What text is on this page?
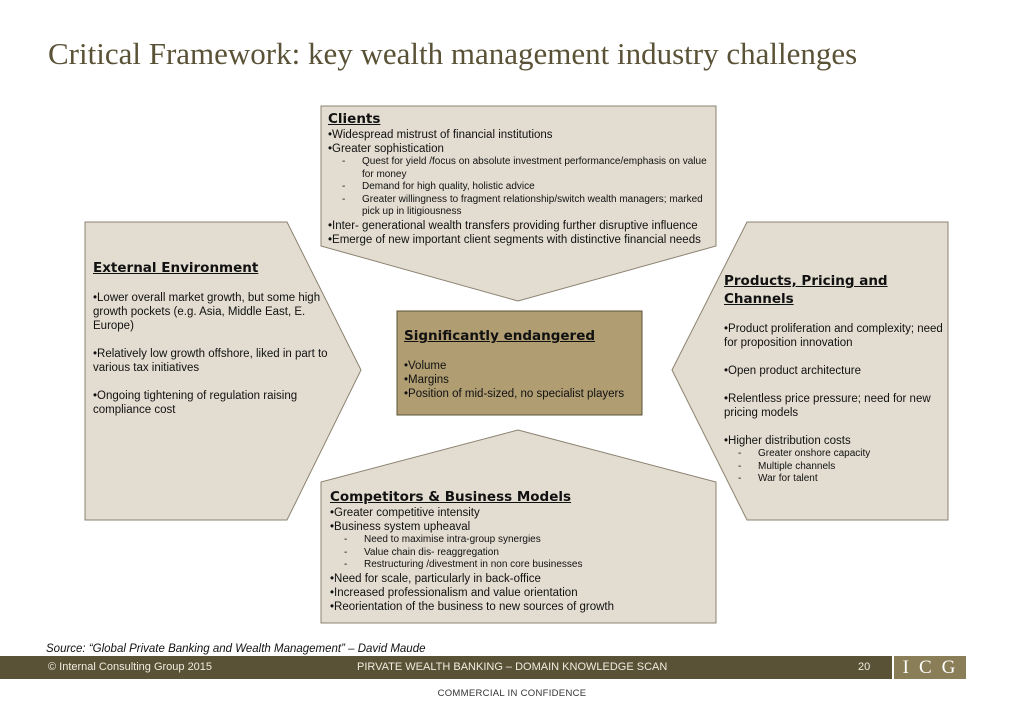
Critical Framework: key wealth management industry challenges
Clients

•Widespread mistrust of financial institutions

•Greater sophistication

- Quest for yield /focus on absolute investment performance/emphasis on value for money
- Demand for high quality, holistic advice
- Greater willingness to fragment relationship/switch wealth managers; marked pick up in litigiousness

•Inter- generational wealth transfers providing further disruptive influence

•Emerge of new important client segments with distinctive financial needs

External Environment

•Lower overall market growth, but some high growth pockets (e.g. Asia, Middle East, E. Europe)

•Relatively low growth offshore, liked in part to various tax initiatives

•Ongoing tightening of regulation raising compliance cost

Significantly endangered

•Volume

•Margins

•Position of mid-sized, no specialist players

Products, Pricing and Channels

•Product proliferation and complexity; need for proposition innovation

•Open product architecture

•Relentless price pressure; need for new pricing models

•Higher distribution costs

- Greater onshore capacity
- Multiple channels
- War for talent
Competitors & Business Models

•Greater competitive intensity

•Business system upheaval

- Need to maximise intra-group synergies
- Value chain dis- reaggregation
- Restructuring /divestment in non core businesses

•Need for scale, particularly in back-office

•Increased professionalism and value orientation

•Reorientation of the business to new sources of growth

Source: “Global Private Banking and Wealth Management” – David Maude
© Internal Consulting Group 2015	PIRVATE WEALTH BANKING – DOMAIN KNOWLEDGE SCAN	20 I C G
COMMERCIAL IN CONFIDENCE
